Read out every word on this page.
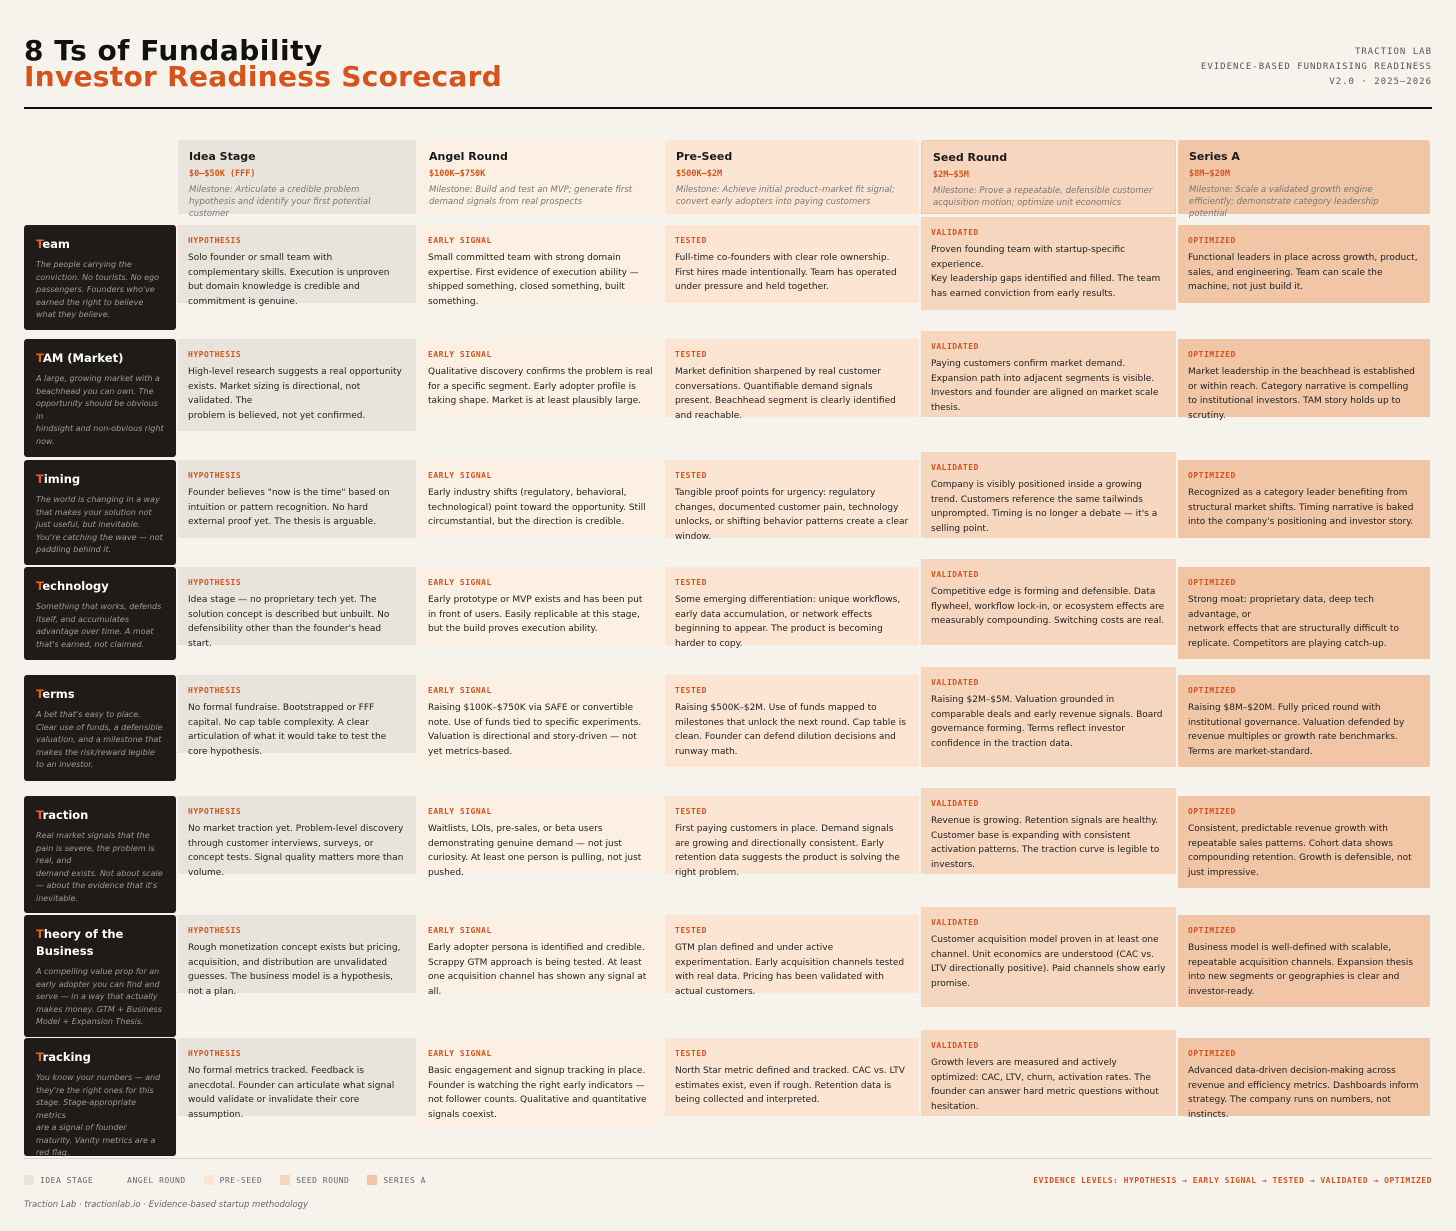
8 Ts of Fundability
Investor Readiness Scorecard
TRACTION LAB
EVIDENCE-BASED FUNDRAISING READINESS
V2.0 · 2025–2026
Idea Stage
$0–$50K (FFF)
Milestone: Articulate a credible problem hypothesis and identify your first potential customer
Angel Round
$100K–$750K
Milestone: Build and test an MVP; generate first demand signals from real prospects
Pre-Seed
$500K–$2M
Milestone: Achieve initial product–market fit signal; convert early adopters into paying customers
Seed Round
$2M–$5M
Milestone: Prove a repeatable, defensible customer acquisition motion; optimize unit economics
Series A
$8M–$20M
Milestone: Scale a validated growth engine efficiently; demonstrate category leadership potential
Team
The people carrying the conviction. No tourists. No ego passengers. Founders who've earned the right to believe what they believe.
HYPOTHESIS
Solo founder or small team with complementary skills. Execution is unproven but domain knowledge is credible and commitment is genuine.
EARLY SIGNAL
Small committed team with strong domain expertise. First evidence of execution ability — shipped something, closed something, built something.
TESTED
Full-time co-founders with clear role ownership. First hires made intentionally. Team has operated under pressure and held together.
VALIDATED
Proven founding team with startup-specific experience.
Key leadership gaps identified and filled. The team has earned conviction from early results.
OPTIMIZED
Functional leaders in place across growth, product, sales, and engineering. Team can scale the machine, not just build it.
TAM (Market)
A large, growing market with a beachhead you can own. The opportunity should be obvious in
hindsight and non-obvious right now.
HYPOTHESIS
High-level research suggests a real opportunity exists. Market sizing is directional, not validated. The
problem is believed, not yet confirmed.
EARLY SIGNAL
Qualitative discovery confirms the problem is real for a specific segment. Early adopter profile is taking shape. Market is at least plausibly large.
TESTED
Market definition sharpened by real customer conversations. Quantifiable demand signals present. Beachhead segment is clearly identified and reachable.
VALIDATED
Paying customers confirm market demand. Expansion path into adjacent segments is visible. Investors and founder are aligned on market scale thesis.
OPTIMIZED
Market leadership in the beachhead is established or within reach. Category narrative is compelling to institutional investors. TAM story holds up to scrutiny.
Timing
The world is changing in a way that makes your solution not just useful, but inevitable. You're catching the wave — not paddling behind it.
HYPOTHESIS
Founder believes "now is the time" based on intuition or pattern recognition. No hard external proof yet. The thesis is arguable.
EARLY SIGNAL
Early industry shifts (regulatory, behavioral, technological) point toward the opportunity. Still circumstantial, but the direction is credible.
TESTED
Tangible proof points for urgency: regulatory changes, documented customer pain, technology unlocks, or shifting behavior patterns create a clear window.
VALIDATED
Company is visibly positioned inside a growing trend. Customers reference the same tailwinds unprompted. Timing is no longer a debate — it's a selling point.
OPTIMIZED
Recognized as a category leader benefiting from structural market shifts. Timing narrative is baked into the company's positioning and investor story.
Technology
Something that works, defends itself, and accumulates advantage over time. A moat that's earned, not claimed.
HYPOTHESIS
Idea stage — no proprietary tech yet. The solution concept is described but unbuilt. No defensibility other than the founder's head start.
EARLY SIGNAL
Early prototype or MVP exists and has been put in front of users. Easily replicable at this stage, but the build proves execution ability.
TESTED
Some emerging differentiation: unique workflows, early data accumulation, or network effects beginning to appear. The product is becoming harder to copy.
VALIDATED
Competitive edge is forming and defensible. Data flywheel, workflow lock-in, or ecosystem effects are measurably compounding. Switching costs are real.
OPTIMIZED
Strong moat: proprietary data, deep tech advantage, or
network effects that are structurally difficult to replicate. Competitors are playing catch-up.
Terms
A bet that's easy to place. Clear use of funds, a defensible valuation, and a milestone that makes the risk/reward legible to an investor.
HYPOTHESIS
No formal fundraise. Bootstrapped or FFF capital. No cap table complexity. A clear articulation of what it would take to test the core hypothesis.
EARLY SIGNAL
Raising $100K–$750K via SAFE or convertible note. Use of funds tied to specific experiments. Valuation is directional and story-driven — not yet metrics-based.
TESTED
Raising $500K–$2M. Use of funds mapped to milestones that unlock the next round. Cap table is clean. Founder can defend dilution decisions and runway math.
VALIDATED
Raising $2M–$5M. Valuation grounded in comparable deals and early revenue signals. Board governance forming. Terms reflect investor confidence in the traction data.
OPTIMIZED
Raising $8M–$20M. Fully priced round with institutional governance. Valuation defended by revenue multiples or growth rate benchmarks. Terms are market-standard.
Traction
Real market signals that the pain is severe, the problem is real, and
demand exists. Not about scale — about the evidence that it's inevitable.
HYPOTHESIS
No market traction yet. Problem-level discovery through customer interviews, surveys, or concept tests. Signal quality matters more than volume.
EARLY SIGNAL
Waitlists, LOIs, pre-sales, or beta users demonstrating genuine demand — not just curiosity. At least one person is pulling, not just pushed.
TESTED
First paying customers in place. Demand signals are growing and directionally consistent. Early retention data suggests the product is solving the right problem.
VALIDATED
Revenue is growing. Retention signals are healthy. Customer base is expanding with consistent activation patterns. The traction curve is legible to investors.
OPTIMIZED
Consistent, predictable revenue growth with repeatable sales patterns. Cohort data shows compounding retention. Growth is defensible, not just impressive.
Theory of the Business
A compelling value prop for an early adopter you can find and serve — in a way that actually makes money. GTM + Business Model + Expansion Thesis.
HYPOTHESIS
Rough monetization concept exists but pricing, acquisition, and distribution are unvalidated guesses. The business model is a hypothesis, not a plan.
EARLY SIGNAL
Early adopter persona is identified and credible. Scrappy GTM approach is being tested. At least one acquisition channel has shown any signal at all.
TESTED
GTM plan defined and under active experimentation. Early acquisition channels tested with real data. Pricing has been validated with actual customers.
VALIDATED
Customer acquisition model proven in at least one channel. Unit economics are understood (CAC vs. LTV directionally positive). Paid channels show early promise.
OPTIMIZED
Business model is well-defined with scalable, repeatable acquisition channels. Expansion thesis into new segments or geographies is clear and investor-ready.
Tracking
You know your numbers — and they're the right ones for this stage. Stage-appropriate metrics
are a signal of founder maturity. Vanity metrics are a red flag.
HYPOTHESIS
No formal metrics tracked. Feedback is anecdotal. Founder can articulate what signal would validate or invalidate their core assumption.
EARLY SIGNAL
Basic engagement and signup tracking in place. Founder is watching the right early indicators — not follower counts. Qualitative and quantitative signals coexist.
TESTED
North Star metric defined and tracked. CAC vs. LTV estimates exist, even if rough. Retention data is being collected and interpreted.
VALIDATED
Growth levers are measured and actively optimized: CAC, LTV, churn, activation rates. The founder can answer hard metric questions without hesitation.
OPTIMIZED
Advanced data-driven decision-making across revenue and efficiency metrics. Dashboards inform strategy. The company runs on numbers, not instincts.
IDEA STAGE	ANGEL ROUND	PRE-SEED	SEED ROUND	SERIES A	EVIDENCE LEVELS: HYPOTHESIS → EARLY SIGNAL → TESTED → VALIDATED → OPTIMIZED
Traction Lab · tractionlab.io · Evidence-based startup methodology
